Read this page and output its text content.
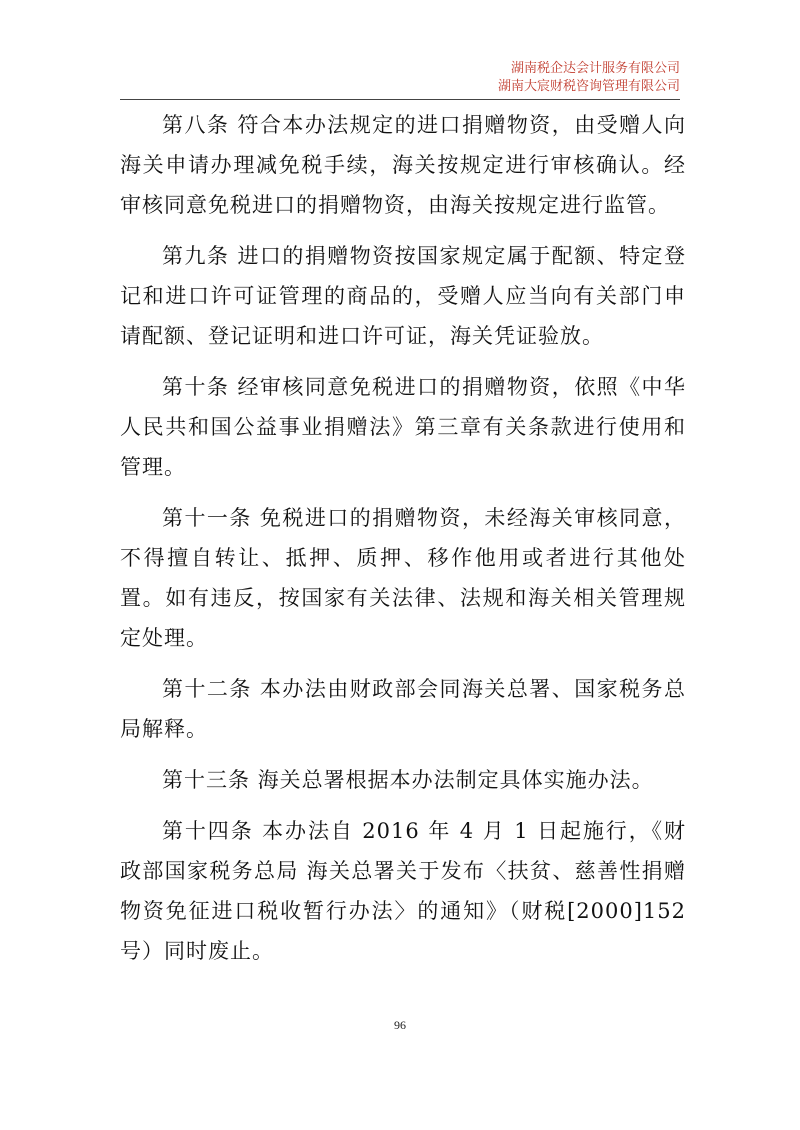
湖南税企达会计服务有限公司
湖南大宸财税咨询管理有限公司

第八条 符合本办法规定的进口捐赠物资，由受赠人向海关申请办理减免税手续，海关按规定进行审核确认。经审核同意免税进口的捐赠物资，由海关按规定进行监管。

第九条 进口的捐赠物资按国家规定属于配额、特定登记和进口许可证管理的商品的，受赠人应当向有关部门申请配额、登记证明和进口许可证，海关凭证验放。

第十条 经审核同意免税进口的捐赠物资，依照《中华人民共和国公益事业捐赠法》第三章有关条款进行使用和管理。

第十一条 免税进口的捐赠物资，未经海关审核同意，不得擅自转让、抵押、质押、移作他用或者进行其他处置。如有违反，按国家有关法律、法规和海关相关管理规定处理。

第十二条 本办法由财政部会同海关总署、国家税务总局解释。

第十三条 海关总署根据本办法制定具体实施办法。

第十四条 本办法自 2016 年 4 月 1 日起施行，《财政部国家税务总局 海关总署关于发布〈扶贫、慈善性捐赠物资免征进口税收暂行办法〉的通知》（财税[2000]152 号）同时废止。

96
